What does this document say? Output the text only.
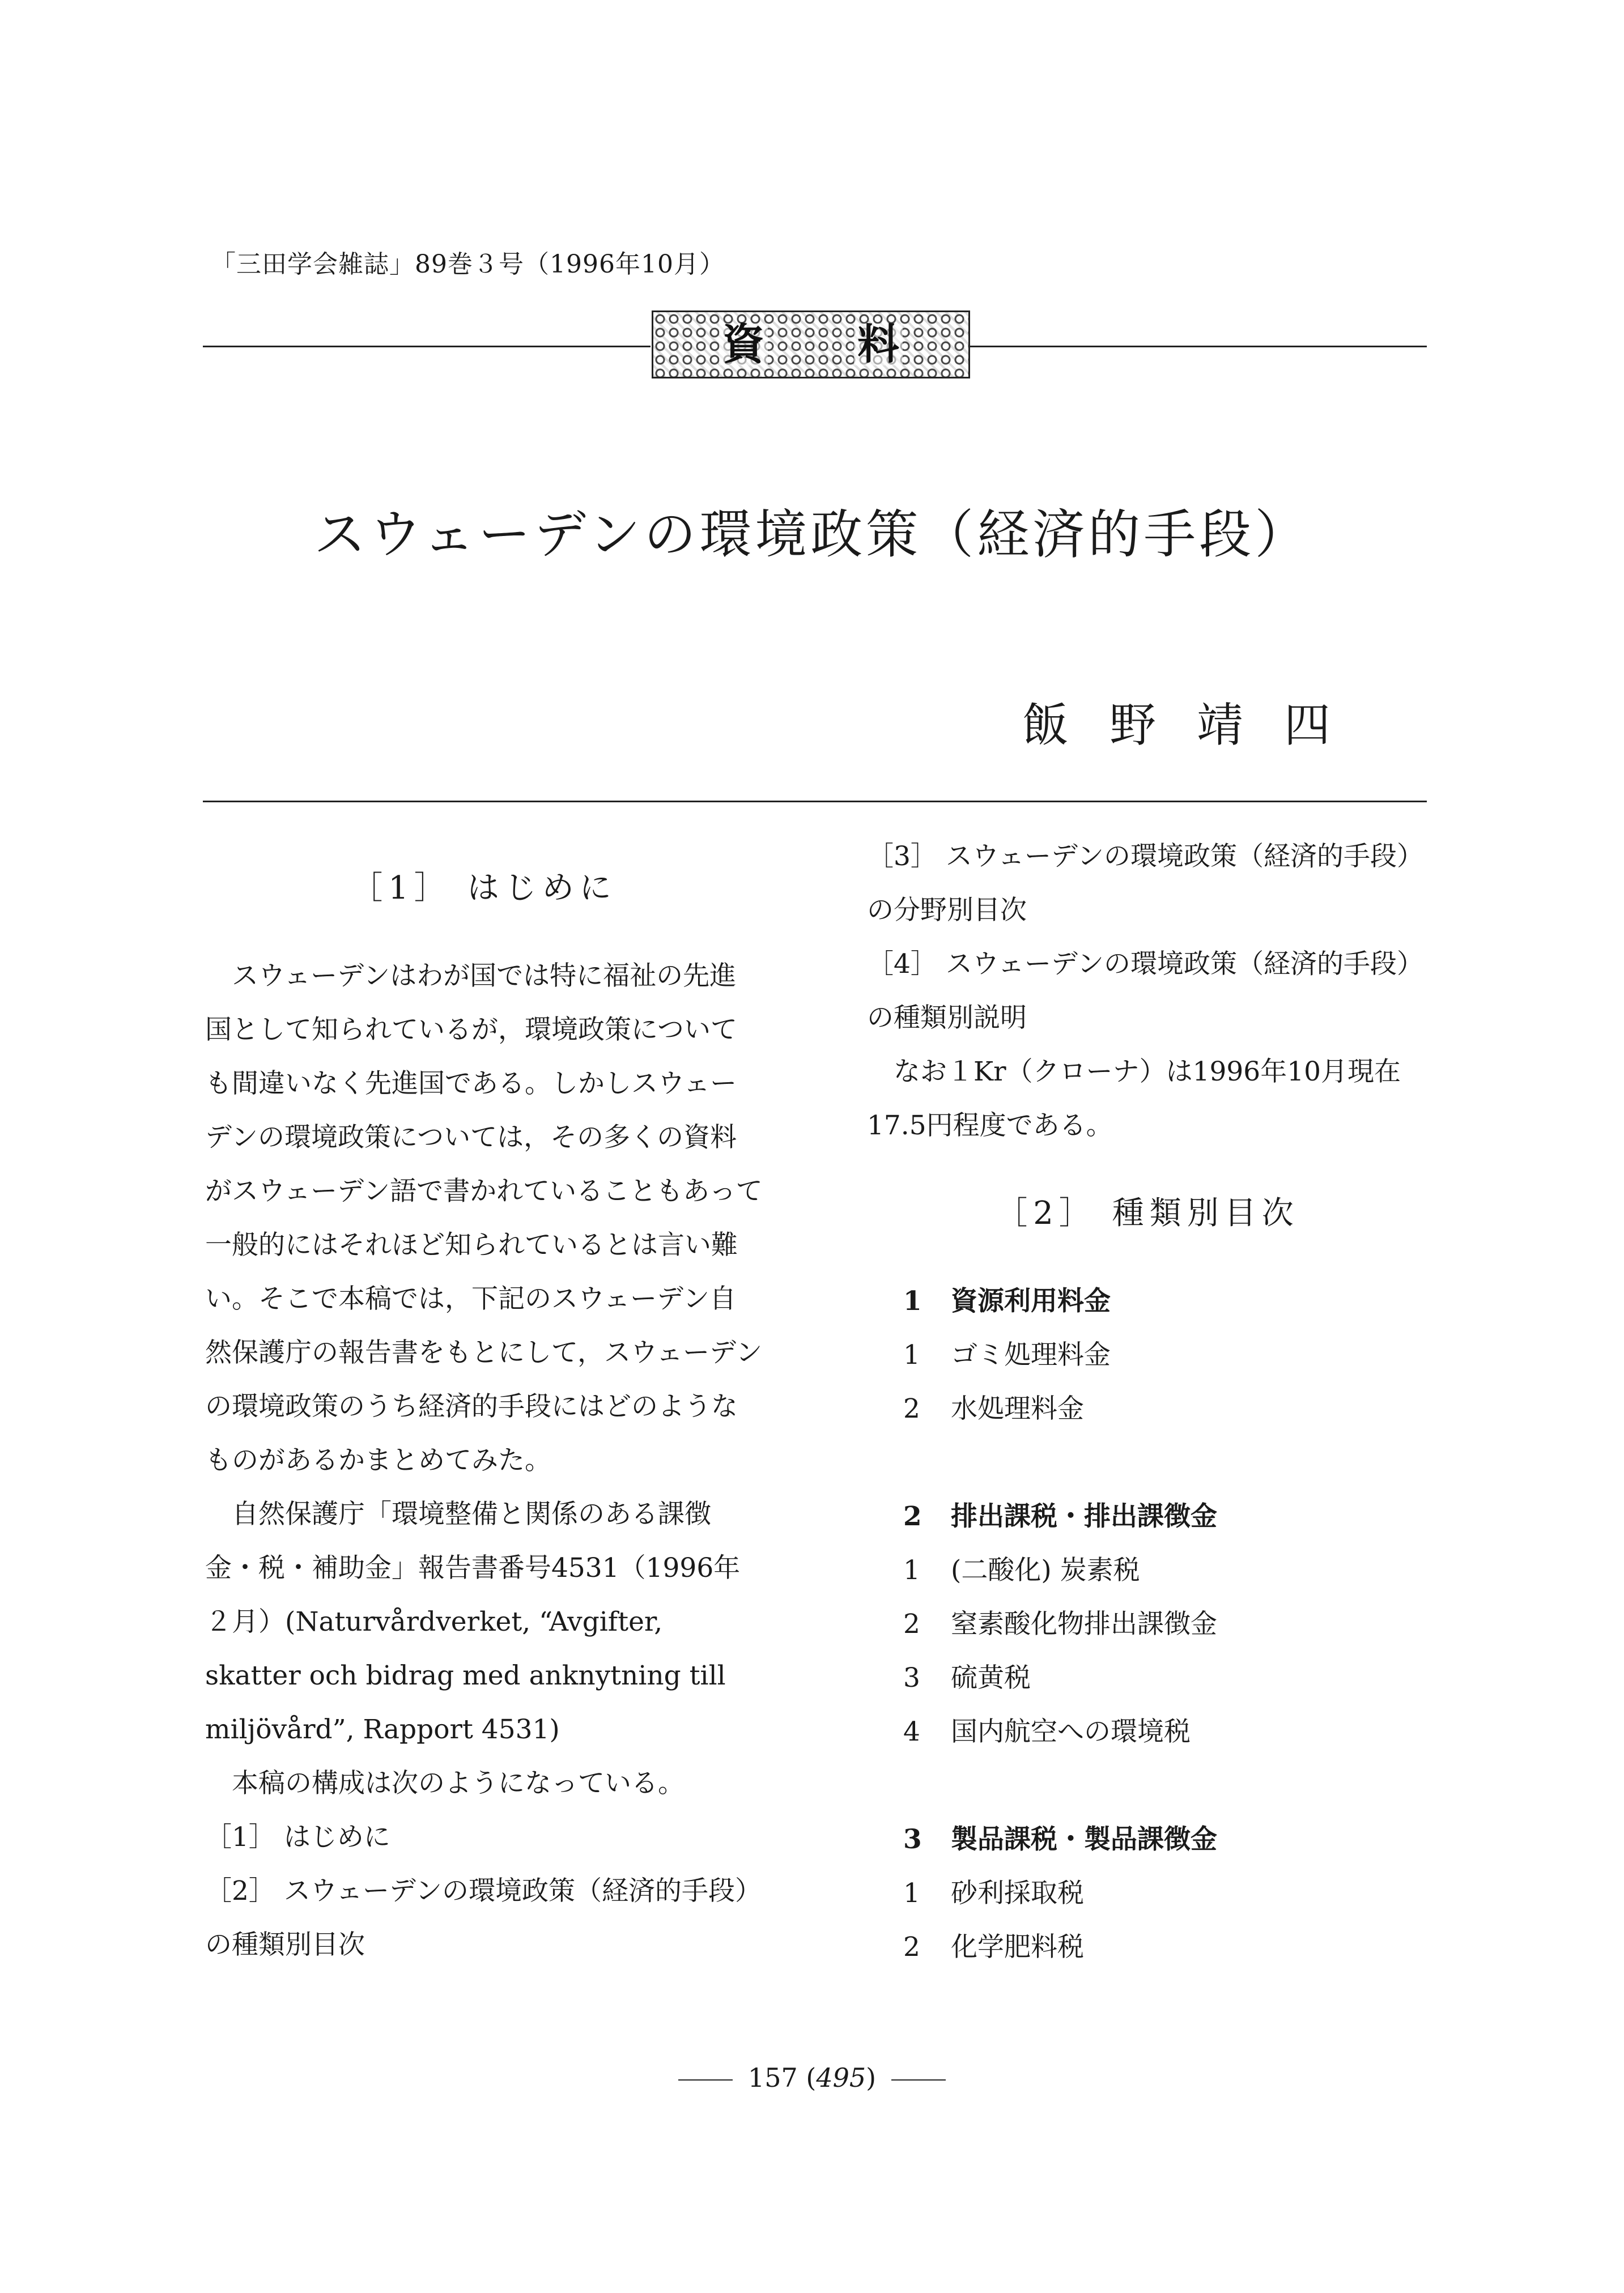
「三田学会雑誌」89巻３号（1996年10月）
資 料
スウェーデンの環境政策（経済的手段）
飯野靖四

［1］ はじめに

スウェーデンはわが国では特に福祉の先進国として知られているが，環境政策についても間違いなく先進国である。しかしスウェーデンの環境政策については，その多くの資料がスウェーデン語で書かれていることもあって一般的にはそれほど知られているとは言い難い。そこで本稿では，下記のスウェーデン自然保護庁の報告書をもとにして，スウェーデンの環境政策のうち経済的手段にはどのようなものがあるかまとめてみた。

自然保護庁「環境整備と関係のある課徴金・税・補助金」報告書番号4531（1996年２月）(Naturvårdverket, “Avgifter, skatter och bidrag med anknytning till miljövård”, Rapport 4531)

本稿の構成は次のようになっている。

［1］ はじめに

［2］ スウェーデンの環境政策（経済的手段）の種類別目次

［3］ スウェーデンの環境政策（経済的手段）の分野別目次

［4］ スウェーデンの環境政策（経済的手段）の種類別説明

なお１Kr（クローナ）は1996年10月現在17.5円程度である。

［2］ 種類別目次

1	資源利用料金
1	ゴミ処理料金
2	水処理料金
2	排出課税・排出課徴金
1	(二酸化) 炭素税
2	窒素酸化物排出課徴金
3	硫黄税
4	国内航空への環境税
3	製品課税・製品課徴金
1	砂利採取税
2	化学肥料税
157 (495)
